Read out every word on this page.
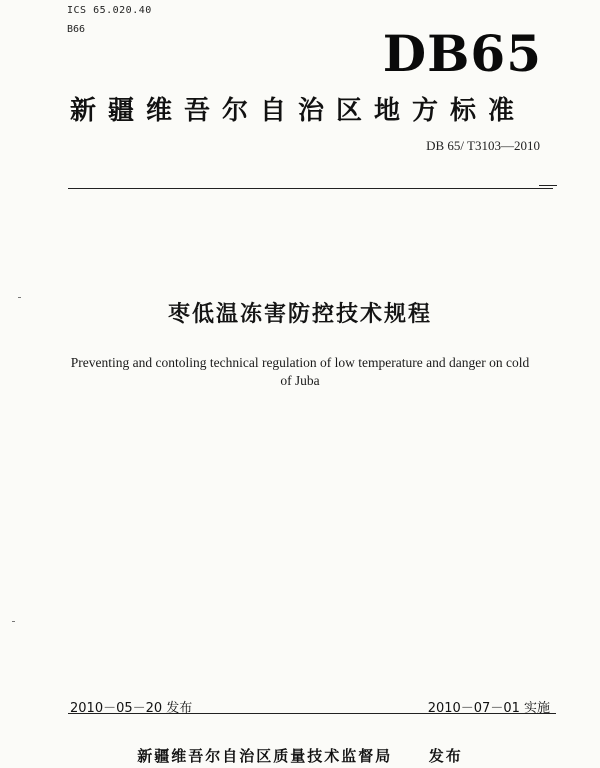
ICS 65.020.40
B66	DB65
新疆维吾尔自治区地方标准
DB 65/ T3103—2010
枣低温冻害防控技术规程
Preventing and contoling technical regulation of low temperature and danger on cold
of Juba
2010－05－20 发布	2010－07－01 实施
新疆维吾尔自治区质量技术监督局 发布
